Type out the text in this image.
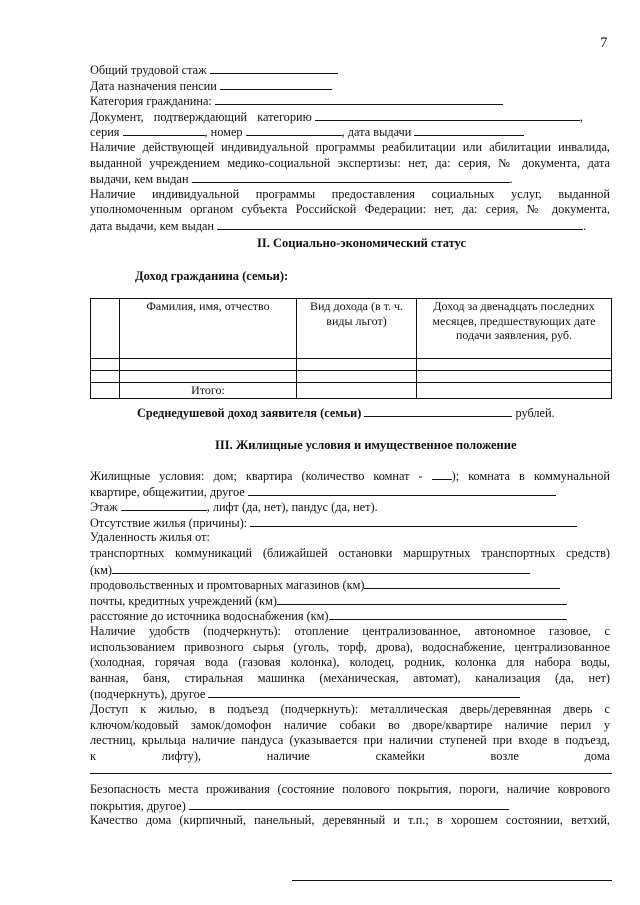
7
Общий трудовой стаж
Дата назначения пенсии
Категория гражданина:
Документ, подтверждающий категорию	,
серия	, номер	, дата выдачи
Наличие действующей индивидуальной программы реабилитации или абилитации инвалида,
выданной учреждением медико-социальной экспертизы: нет, да: серия, № документа, дата
выдачи, кем выдан	.
Наличие индивидуальной программы предоставления социальных услуг, выданной
уполномоченным органом субъекта Российской Федерации: нет, да: серия, № документа,
дата выдачи, кем выдан	.
II. Социально-экономический статус
Доход гражданина (семьи):
	Фамилия, имя, отчество	Вид дохода (в т. ч. виды льгот)	Доход за двенадцать последних месяцев, предшествующих дате подачи заявления, руб.

	Итого:		
Среднедушевой доход заявителя (семьи)	рублей.
III. Жилищные условия и имущественное положение
Жилищные условия: дом; квартира (количество комнат - ); комната в коммунальной
квартире, общежитии, другое
Этаж	, лифт (да, нет), пандус (да, нет).
Отсутствие жилья (причины):
Удаленность жилья от:
транспортных коммуникаций (ближайшей остановки маршрутных транспортных средств)
(км)
продовольственных и промтоварных магазинов (км)
почты, кредитных учреждений (км)
расстояние до источника водоснабжения (км)
Наличие удобств (подчеркнуть): отопление централизованное, автономное газовое, с
использованием привозного сырья (уголь, торф, дрова), водоснабжение, централизованное
(холодная, горячая вода (газовая колонка), колодец, родник, колонка для набора воды,
ванная, баня, стиральная машинка (механическая, автомат), канализация (да, нет)
(подчеркнуть), другое
Доступ к жилью, в подъезд (подчеркнуть): металлическая дверь/деревянная дверь с
ключом/кодовый замок/домофон наличие собаки во дворе/квартире наличие перил у
лестниц, крыльца наличие пандуса (указывается при наличии ступеней при входе в подъезд,
к лифту), наличие скамейки возле дома
Безопасность места проживания (состояние полового покрытия, пороги, наличие коврового
покрытия, другое)
Качество дома (кирпичный, панельный, деревянный и т.п.; в хорошем состоянии, ветхий,
